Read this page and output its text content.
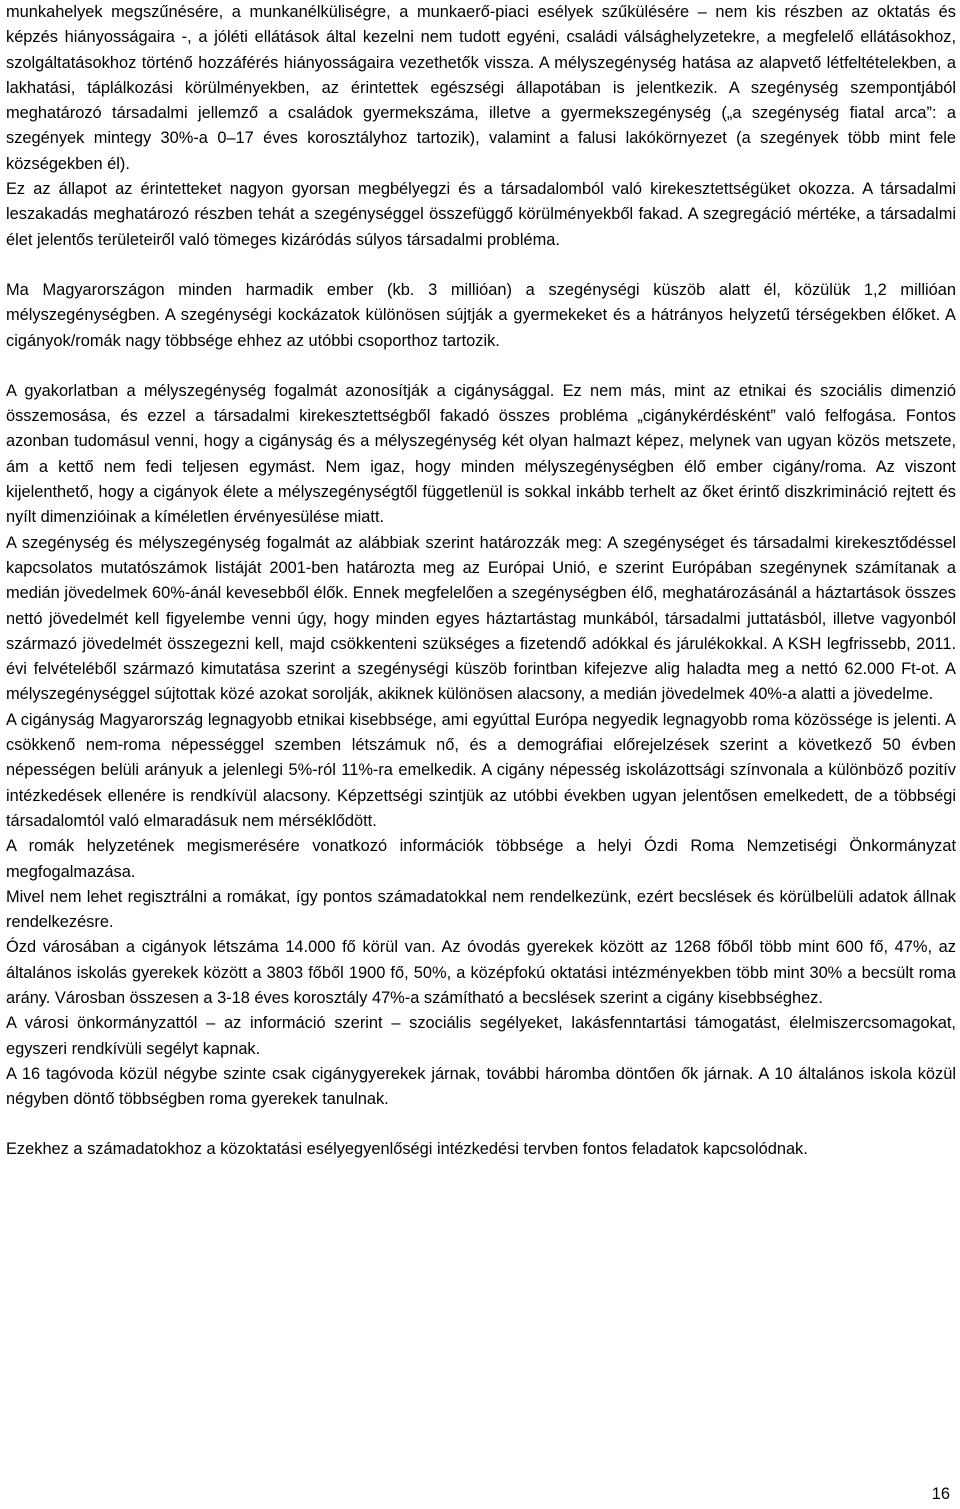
munkahelyek megszűnésére, a munkanélküliségre, a munkaerő-piaci esélyek szűkülésére – nem kis részben az oktatás és képzés hiányosságaira -, a jóléti ellátások által kezelni nem tudott egyéni, családi válsághelyzetekre, a megfelelő ellátásokhoz, szolgáltatásokhoz történő hozzáférés hiányosságaira vezethetők vissza. A mélyszegénység hatása az alapvető létfeltételekben, a lakhatási, táplálkozási körülményekben, az érintettek egészségi állapotában is jelentkezik. A szegénység szempontjából meghatározó társadalmi jellemző a családok gyermekszáma, illetve a gyermekszegénység („a szegénység fiatal arca”: a szegények mintegy 30%-a 0–17 éves korosztályhoz tartozik), valamint a falusi lakókörnyezet (a szegények több mint fele községekben él).

Ez az állapot az érintetteket nagyon gyorsan megbélyegzi és a társadalomból való kirekesztettségüket okozza. A társadalmi leszakadás meghatározó részben tehát a szegénységgel összefüggő körülményekből fakad. A szegregáció mértéke, a társadalmi élet jelentős területeiről való tömeges kizáródás súlyos társadalmi probléma.

Ma Magyarországon minden harmadik ember (kb. 3 millióan) a szegénységi küszöb alatt él, közülük 1,2 millióan mélyszegénységben. A szegénységi kockázatok különösen sújtják a gyermekeket és a hátrányos helyzetű térségekben élőket. A cigányok/romák nagy többsége ehhez az utóbbi csoporthoz tartozik.

A gyakorlatban a mélyszegénység fogalmát azonosítják a cigánysággal. Ez nem más, mint az etnikai és szociális dimenzió összemosása, és ezzel a társadalmi kirekesztettségből fakadó összes probléma „cigánykérdésként” való felfogása. Fontos azonban tudomásul venni, hogy a cigányság és a mélyszegénység két olyan halmazt képez, melynek van ugyan közös metszete, ám a kettő nem fedi teljesen egymást. Nem igaz, hogy minden mélyszegénységben élő ember cigány/roma. Az viszont kijelenthető, hogy a cigányok élete a mélyszegénységtől függetlenül is sokkal inkább terhelt az őket érintő diszkrimináció rejtett és nyílt dimenzióinak a kíméletlen érvényesülése miatt.

A szegénység és mélyszegénység fogalmát az alábbiak szerint határozzák meg: A szegénységet és társadalmi kirekesztődéssel kapcsolatos mutatószámok listáját 2001-ben határozta meg az Európai Unió, e szerint Európában szegénynek számítanak a medián jövedelmek 60%-ánál kevesebből élők. Ennek megfelelően a szegénységben élő, meghatározásánál a háztartások összes nettó jövedelmét kell figyelembe venni úgy, hogy minden egyes háztartástag munkából, társadalmi juttatásból, illetve vagyonból származó jövedelmét összegezni kell, majd csökkenteni szükséges a fizetendő adókkal és járulékokkal. A KSH legfrissebb, 2011. évi felvételéből származó kimutatása szerint a szegénységi küszöb forintban kifejezve alig haladta meg a nettó 62.000 Ft-ot. A mélyszegénységgel sújtottak közé azokat sorolják, akiknek különösen alacsony, a medián jövedelmek 40%-a alatti a jövedelme.

A cigányság Magyarország legnagyobb etnikai kisebbsége, ami egyúttal Európa negyedik legnagyobb roma közössége is jelenti. A csökkenő nem-roma népességgel szemben létszámuk nő, és a demográfiai előrejelzések szerint a következő 50 évben népességen belüli arányuk a jelenlegi 5%-ról 11%-ra emelkedik. A cigány népesség iskolázottsági színvonala a különböző pozitív intézkedések ellenére is rendkívül alacsony. Képzettségi szintjük az utóbbi években ugyan jelentősen emelkedett, de a többségi társadalomtól való elmaradásuk nem mérséklődött.

A romák helyzetének megismerésére vonatkozó információk többsége a helyi Ózdi Roma Nemzetiségi Önkormányzat megfogalmazása.

Mivel nem lehet regisztrálni a romákat, így pontos számadatokkal nem rendelkezünk, ezért becslések és körülbelüli adatok állnak rendelkezésre.

Ózd városában a cigányok létszáma 14.000 fő körül van. Az óvodás gyerekek között az 1268 főből több mint 600 fő, 47%, az általános iskolás gyerekek között a 3803 főből 1900 fő, 50%, a középfokú oktatási intézményekben több mint 30% a becsült roma arány. Városban összesen a 3-18 éves korosztály 47%-a számítható a becslések szerint a cigány kisebbséghez.

A városi önkormányzattól – az információ szerint – szociális segélyeket, lakásfenntartási támogatást, élelmiszercsomagokat, egyszeri rendkívüli segélyt kapnak.

A 16 tagóvoda közül négybe szinte csak cigánygyerekek járnak, további háromba döntően ők járnak. A 10 általános iskola közül négyben döntő többségben roma gyerekek tanulnak.

Ezekhez a számadatokhoz a közoktatási esélyegyenlőségi intézkedési tervben fontos feladatok kapcsolódnak.

16
